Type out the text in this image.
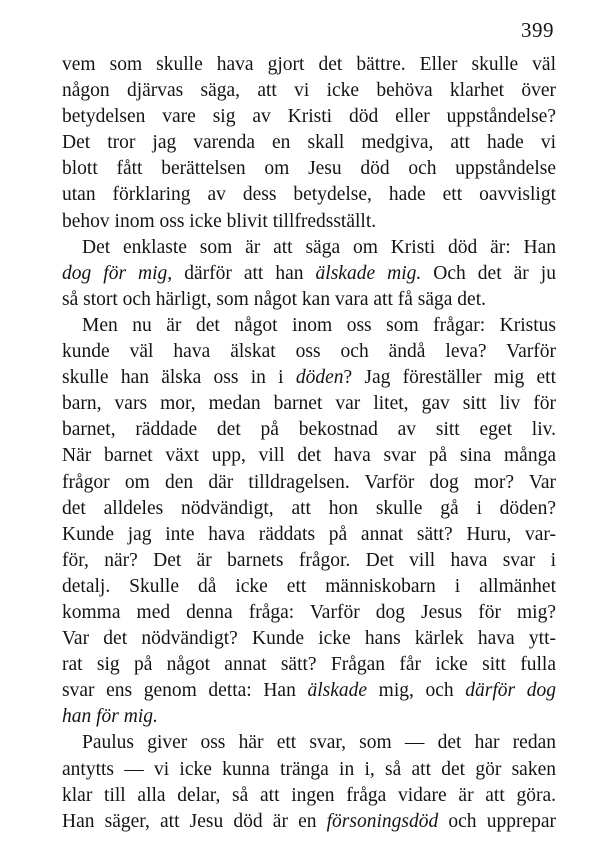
399
vem som skulle hava gjort det bättre. Eller skulle väl
någon djärvas säga, att vi icke behöva klarhet över
betydelsen vare sig av Kristi död eller uppståndelse?
Det tror jag varenda en skall medgiva, att hade vi
blott fått berättelsen om Jesu död och uppståndelse
utan förklaring av dess betydelse, hade ett oavvisligt
behov inom oss icke blivit tillfredsställt.
Det enklaste som är att säga om Kristi död är: Han
dog för mig, därför att han älskade mig. Och det är ju
så stort och härligt, som något kan vara att få säga det.
Men nu är det något inom oss som frågar: Kristus
kunde väl hava älskat oss och ändå leva? Varför
skulle han älska oss in i döden? Jag föreställer mig ett
barn, vars mor, medan barnet var litet, gav sitt liv för
barnet, räddade det på bekostnad av sitt eget liv.
När barnet växt upp, vill det hava svar på sina många
frågor om den där tilldragelsen. Varför dog mor? Var
det alldeles nödvändigt, att hon skulle gå i döden?
Kunde jag inte hava räddats på annat sätt? Huru, var-
för, när? Det är barnets frågor. Det vill hava svar i
detalj. Skulle då icke ett människobarn i allmänhet
komma med denna fråga: Varför dog Jesus för mig?
Var det nödvändigt? Kunde icke hans kärlek hava ytt-
rat sig på något annat sätt? Frågan får icke sitt fulla
svar ens genom detta: Han älskade mig, och därför dog
han för mig.
Paulus giver oss här ett svar, som — det har redan
antytts — vi icke kunna tränga in i, så att det gör saken
klar till alla delar, så att ingen fråga vidare är att göra.
Han säger, att Jesu död är en försoningsdöd och upprepar
